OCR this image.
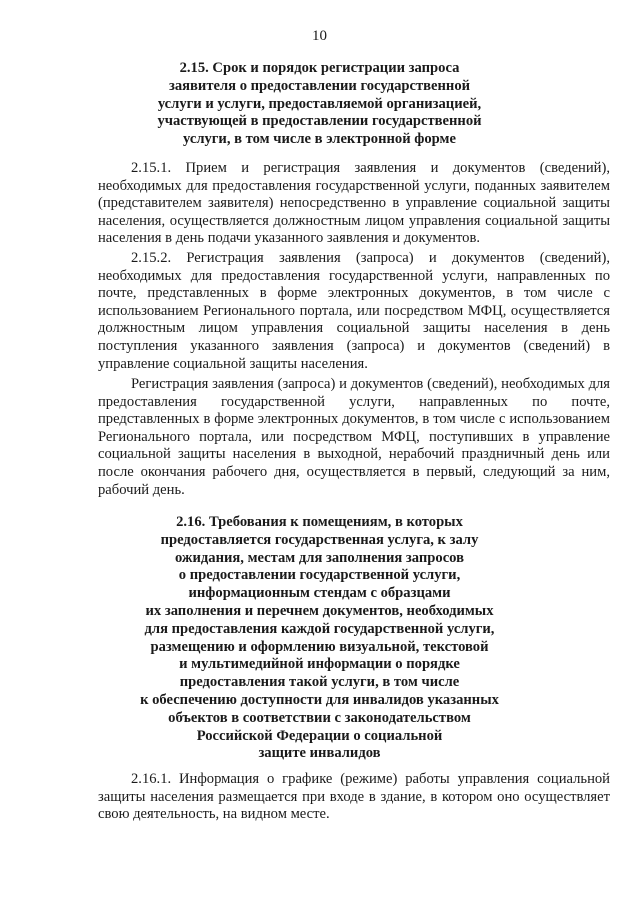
10
2.15. Срок и порядок регистрации запроса
заявителя о предоставлении государственной
услуги и услуги, предоставляемой организацией,
участвующей в предоставлении государственной
услуги, в том числе в электронной форме

2.15.1. Прием и регистрация заявления и документов (сведений), необходимых для предоставления государственной услуги, поданных заявителем (представителем заявителя) непосредственно в управление социальной защиты населения, осуществляется должностным лицом управления социальной защиты населения в день подачи указанного заявления и документов.

2.15.2. Регистрация заявления (запроса) и документов (сведений), необходимых для предоставления государственной услуги, направленных по почте, представленных в форме электронных документов, в том числе с использованием Регионального портала, или посредством МФЦ, осуществляется должностным лицом управления социальной защиты населения в день поступления указанного заявления (запроса) и документов (сведений) в управление социальной защиты населения.

Регистрация заявления (запроса) и документов (сведений), необходимых для предоставления государственной услуги, направленных по почте, представленных в форме электронных документов, в том числе с использованием Регионального портала, или посредством МФЦ, поступивших в управление социальной защиты населения в выходной, нерабочий праздничный день или после окончания рабочего дня, осуществляется в первый, следующий за ним, рабочий день.

2.16. Требования к помещениям, в которых
предоставляется государственная услуга, к залу
ожидания, местам для заполнения запросов
о предоставлении государственной услуги,
информационным стендам с образцами
их заполнения и перечнем документов, необходимых
для предоставления каждой государственной услуги,
размещению и оформлению визуальной, текстовой
и мультимедийной информации о порядке
предоставления такой услуги, в том числе
к обеспечению доступности для инвалидов указанных
объектов в соответствии с законодательством
Российской Федерации о социальной
защите инвалидов

2.16.1. Информация о графике (режиме) работы управления социальной защиты населения размещается при входе в здание, в котором оно осуществляет свою деятельность, на видном месте.
